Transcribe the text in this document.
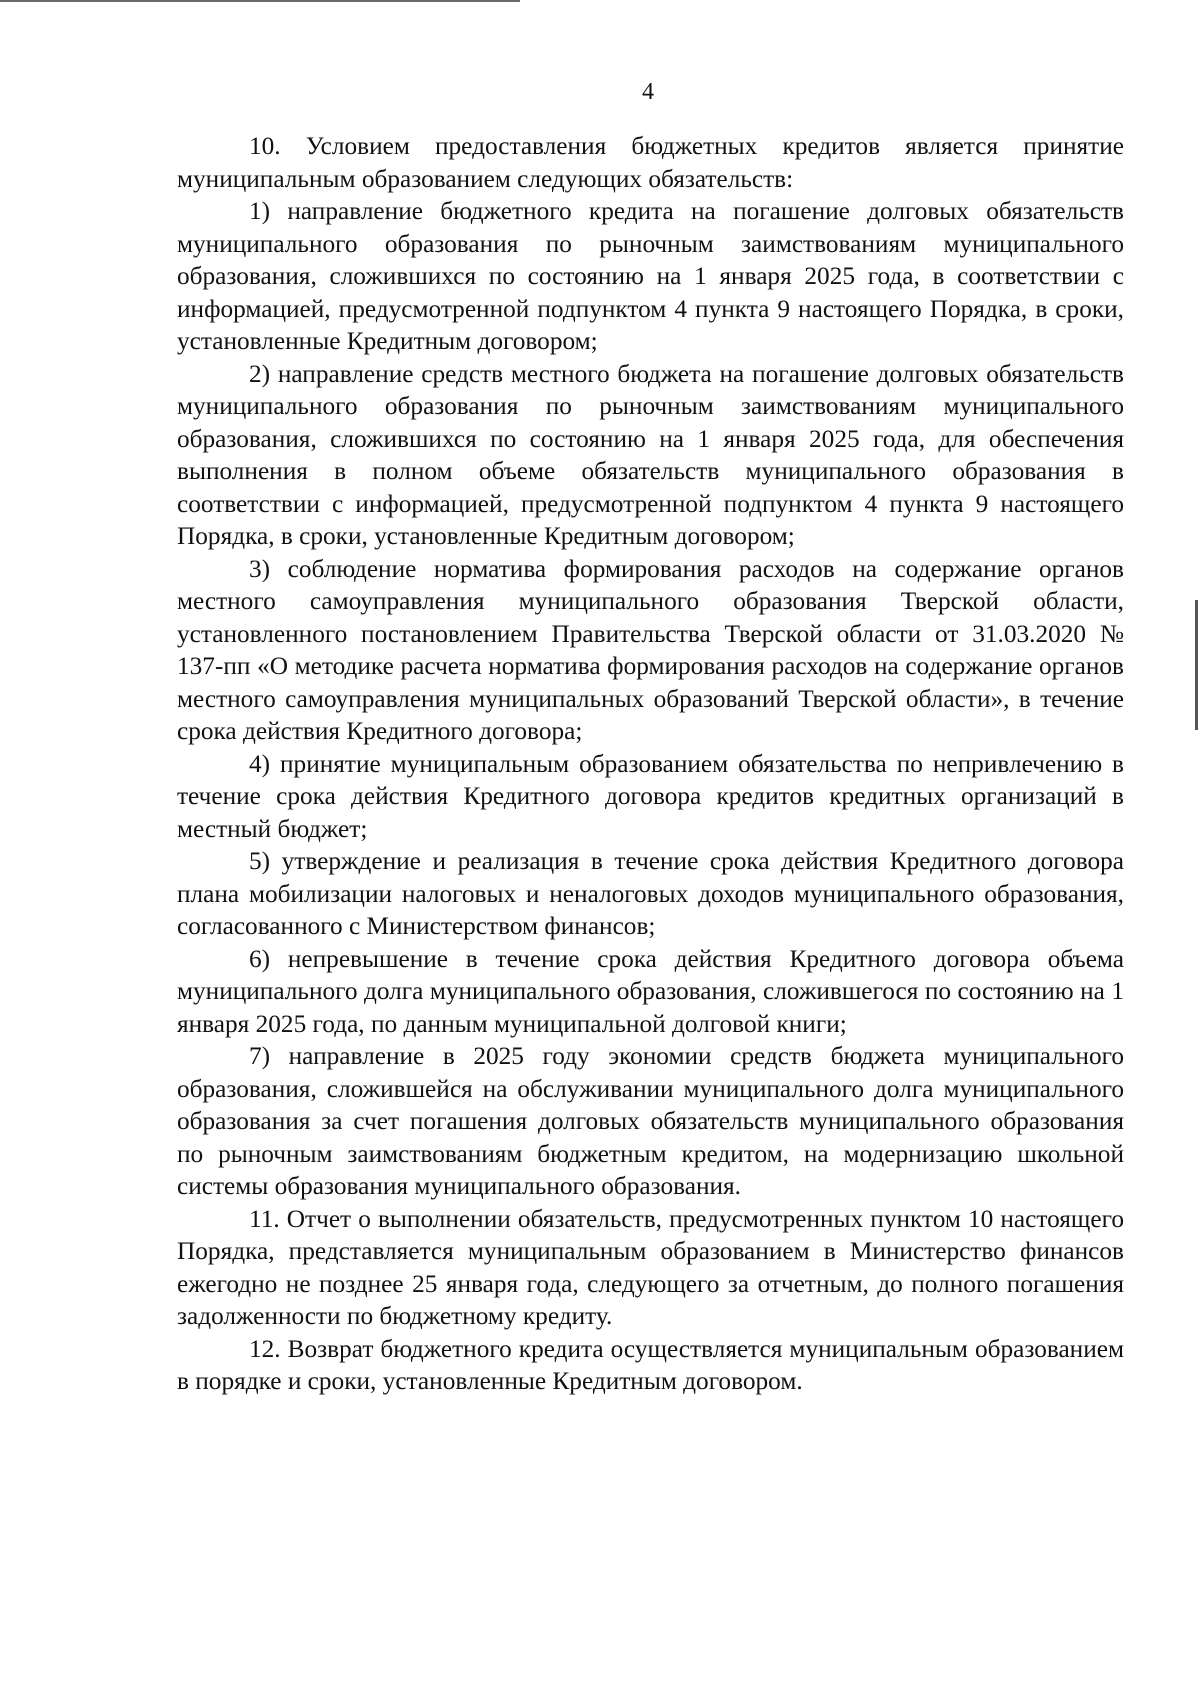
4

10. Условием предоставления бюджетных кредитов является принятие муниципальным образованием следующих обязательств:

1) направление бюджетного кредита на погашение долговых обязательств муниципального образования по рыночным заимствованиям муниципального образования, сложившихся по состоянию на 1 января 2025 года, в соответствии с информацией, предусмотренной подпунктом 4 пункта 9 настоящего Порядка, в сроки, установленные Кредитным договором;

2) направление средств местного бюджета на погашение долговых обязательств муниципального образования по рыночным заимствованиям муниципального образования, сложившихся по состоянию на 1 января 2025 года, для обеспечения выполнения в полном объеме обязательств муниципального образования в соответствии с информацией, предусмотренной подпунктом 4 пункта 9 настоящего Порядка, в сроки, установленные Кредитным договором;

3) соблюдение норматива формирования расходов на содержание органов местного самоуправления муниципального образования Тверской области, установленного постановлением Правительства Тверской области от 31.03.2020 № 137-пп «О методике расчета норматива формирования расходов на содержание органов местного самоуправления муниципальных образований Тверской области», в течение срока действия Кредитного договора;

4) принятие муниципальным образованием обязательства по непривлечению в течение срока действия Кредитного договора кредитов кредитных организаций в местный бюджет;

5) утверждение и реализация в течение срока действия Кредитного договора плана мобилизации налоговых и неналоговых доходов муниципального образования, согласованного с Министерством финансов;

6) непревышение в течение срока действия Кредитного договора объема муниципального долга муниципального образования, сложившегося по состоянию на 1 января 2025 года, по данным муниципальной долговой книги;

7) направление в 2025 году экономии средств бюджета муниципального образования, сложившейся на обслуживании муниципального долга муниципального образования за счет погашения долговых обязательств муниципального образования по рыночным заимствованиям бюджетным кредитом, на модернизацию школьной системы образования муниципального образования.

11. Отчет о выполнении обязательств, предусмотренных пунктом 10 настоящего Порядка, представляется муниципальным образованием в Министерство финансов ежегодно не позднее 25 января года, следующего за отчетным, до полного погашения задолженности по бюджетному кредиту.

12. Возврат бюджетного кредита осуществляется муниципальным образованием в порядке и сроки, установленные Кредитным договором.
